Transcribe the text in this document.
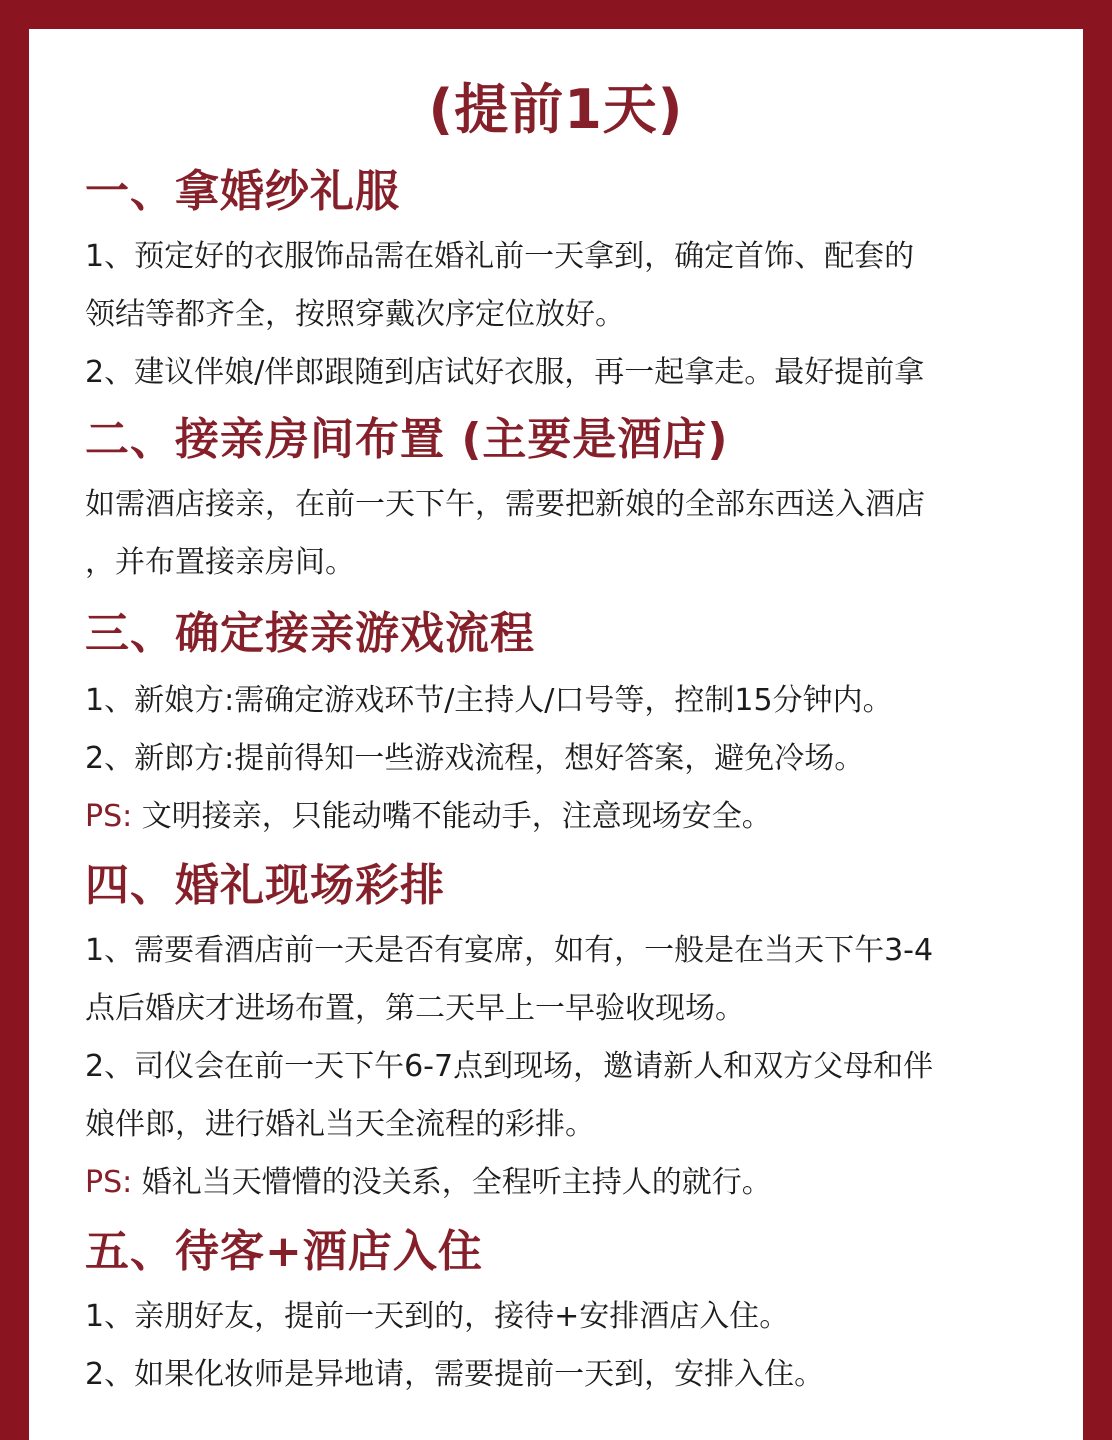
(提前1天)
一、拿婚纱礼服

1、预定好的衣服饰品需在婚礼前一天拿到，确定首饰、配套的

领结等都齐全，按照穿戴次序定位放好。

2、建议伴娘/伴郎跟随到店试好衣服，再一起拿走。最好提前拿

二、接亲房间布置 (主要是酒店)

如需酒店接亲，在前一天下午，需要把新娘的全部东西送入酒店

，并布置接亲房间。

三、确定接亲游戏流程

1、新娘方:需确定游戏环节/主持人/口号等，控制15分钟内。

2、新郎方:提前得知一些游戏流程，想好答案，避免冷场。

PS: 文明接亲，只能动嘴不能动手，注意现场安全。

四、婚礼现场彩排

1、需要看酒店前一天是否有宴席，如有，一般是在当天下午3-4

点后婚庆才进场布置，第二天早上一早验收现场。

2、司仪会在前一天下午6-7点到现场，邀请新人和双方父母和伴

娘伴郎，进行婚礼当天全流程的彩排。

PS: 婚礼当天懵懵的没关系，全程听主持人的就行。

五、待客+酒店入住

1、亲朋好友，提前一天到的，接待+安排酒店入住。

2、如果化妆师是异地请，需要提前一天到，安排入住。
